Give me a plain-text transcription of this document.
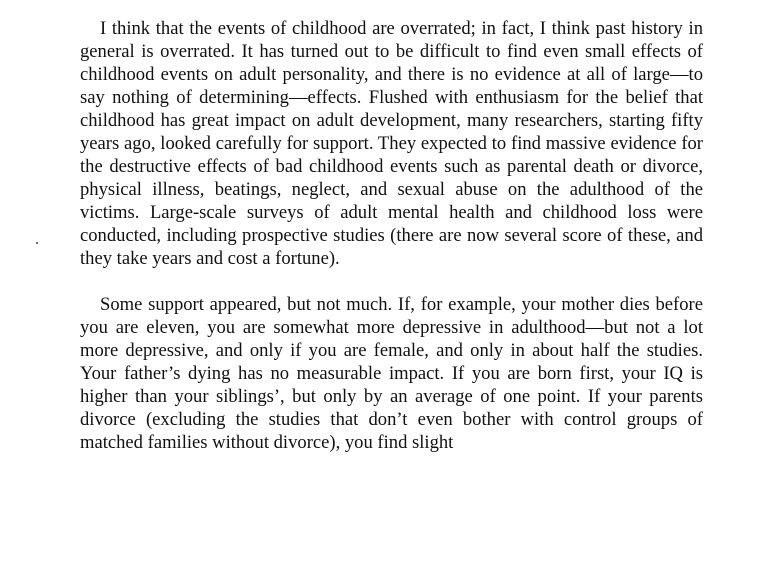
I think that the events of childhood are overrated; in fact, I think past history in general is overrated. It has turned out to be difficult to find even small effects of childhood events on adult personality, and there is no evidence at all of large—to say nothing of determining—effects. Flushed with enthusiasm for the belief that childhood has great impact on adult development, many researchers, starting fifty years ago, looked carefully for support. They expected to find massive evidence for the destructive effects of bad childhood events such as parental death or divorce, physical illness, beatings, neglect, and sexual abuse on the adulthood of the victims. Large-scale surveys of adult mental health and childhood loss were conducted, including prospective studies (there are now several score of these, and they take years and cost a fortune).

Some support appeared, but not much. If, for example, your mother dies before you are eleven, you are somewhat more depressive in adulthood—but not a lot more depressive, and only if you are female, and only in about half the studies. Your father’s dying has no measurable impact. If you are born first, your IQ is higher than your siblings’, but only by an average of one point. If your parents divorce (excluding the studies that don’t even bother with control groups of matched families without divorce), you find slight
